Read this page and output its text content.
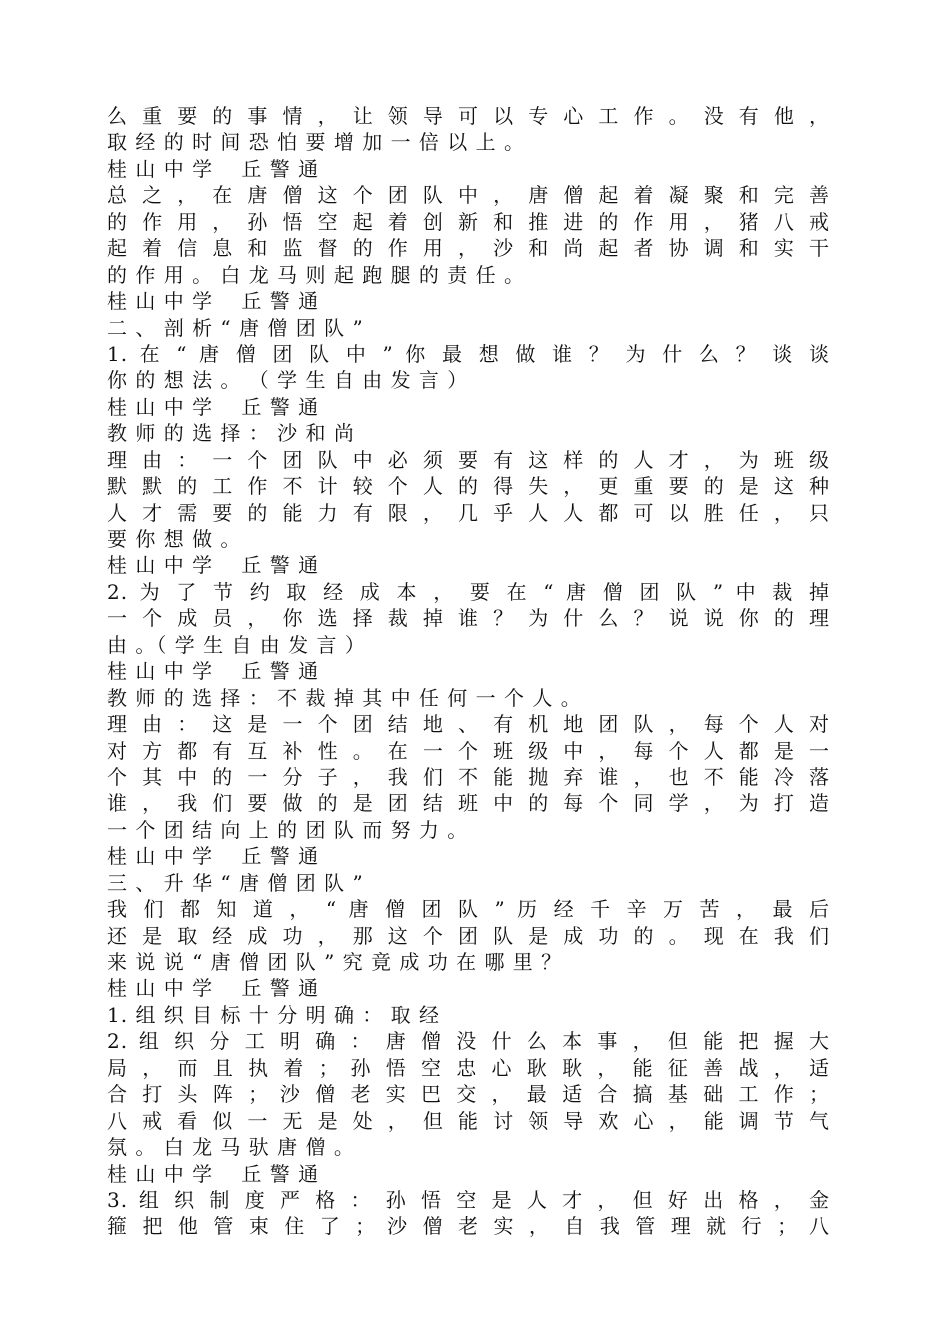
么 重 要 的 事 情 ， 让 领 导 可 以 专 心 工 作 。 没 有 他 ，
取 经 的 时 间 恐 怕 要 增 加 一 倍 以 上 。
桂 山 中 学　 丘 警 通
总 之 ， 在 唐 僧 这 个 团 队 中 ， 唐 僧 起 着 凝 聚 和 完 善
的 作 用 ， 孙 悟 空 起 着 创 新 和 推 进 的 作 用 ， 猪 八 戒
起 着 信 息 和 监 督 的 作 用 ， 沙 和 尚 起 者 协 调 和 实 干
的 作 用 。 白 龙 马 则 起 跑 腿 的 责 任 。
桂 山 中 学　 丘 警 通
二 、 剖 析 “ 唐 僧 团 队 ”
1. 在 “ 唐 僧 团 队 中 ” 你 最 想 做 谁 ？ 为 什 么 ？ 谈 谈
你 的 想 法 。 （ 学 生 自 由 发 言 ）
桂 山 中 学　 丘 警 通
教 师 的 选 择 ： 沙 和 尚
理 由 ： 一 个 团 队 中 必 须 要 有 这 样 的 人 才 ， 为 班 级
默 默 的 工 作 不 计 较 个 人 的 得 失 ， 更 重 要 的 是 这 种
人 才 需 要 的 能 力 有 限 ， 几 乎 人 人 都 可 以 胜 任 ， 只
要 你 想 做 。
桂 山 中 学　 丘 警 通
2. 为 了 节 约 取 经 成 本 ， 要 在 “ 唐 僧 团 队 ” 中 裁 掉
一 个 成 员 ， 你 选 择 裁 掉 谁 ？ 为 什 么 ？ 说 说 你 的 理
由 。（ 学 生 自 由 发 言 ）
桂 山 中 学　 丘 警 通
教 师 的 选 择 ： 不 裁 掉 其 中 任 何 一 个 人 。
理 由 ： 这 是 一 个 团 结 地 、 有 机 地 团 队 ， 每 个 人 对
对 方 都 有 互 补 性 。 在 一 个 班 级 中 ， 每 个 人 都 是 一
个 其 中 的 一 分 子 ， 我 们 不 能 抛 弃 谁 ， 也 不 能 冷 落
谁 ， 我 们 要 做 的 是 团 结 班 中 的 每 个 同 学 ， 为 打 造
一 个 团 结 向 上 的 团 队 而 努 力 。
桂 山 中 学　 丘 警 通
三 、 升 华 “ 唐 僧 团 队 ”
我 们 都 知 道 ， “ 唐 僧 团 队 ” 历 经 千 辛 万 苦 ， 最 后
还 是 取 经 成 功 ， 那 这 个 团 队 是 成 功 的 。 现 在 我 们
来 说 说 “ 唐 僧 团 队 ” 究 竟 成 功 在 哪 里 ？
桂 山 中 学　 丘 警 通
1. 组 织 目 标 十 分 明 确 ： 取 经
2. 组 织 分 工 明 确 ： 唐 僧 没 什 么 本 事 ， 但 能 把 握 大
局 ， 而 且 执 着 ； 孙 悟 空 忠 心 耿 耿 ， 能 征 善 战 ， 适
合 打 头 阵 ； 沙 僧 老 实 巴 交 ， 最 适 合 搞 基 础 工 作 ；
八 戒 看 似 一 无 是 处 ， 但 能 讨 领 导 欢 心 ， 能 调 节 气
氛 。 白 龙 马 驮 唐 僧 。
桂 山 中 学　 丘 警 通
3. 组 织 制 度 严 格 ： 孙 悟 空 是 人 才 ， 但 好 出 格 ， 金
箍 把 他 管 束 住 了 ； 沙 僧 老 实 ， 自 我 管 理 就 行 ； 八
